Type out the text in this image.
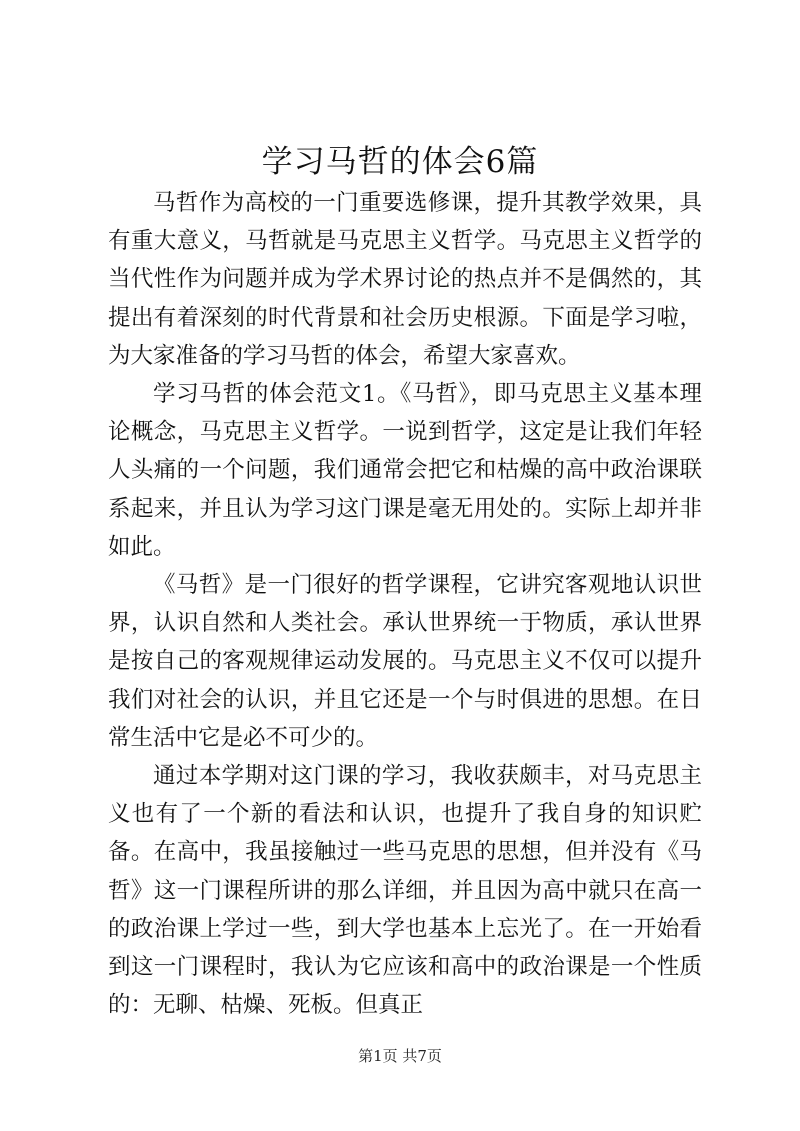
学习马哲的体会6篇

马哲作为高校的一门重要选修课，提升其教学效果，具有重大意义，马哲就是马克思主义哲学。马克思主义哲学的当代性作为问题并成为学术界讨论的热点并不是偶然的，其提出有着深刻的时代背景和社会历史根源。下面是学习啦，为大家准备的学习马哲的体会，希望大家喜欢。

学习马哲的体会范文1。《马哲》，即马克思主义基本理论概念，马克思主义哲学。一说到哲学，这定是让我们年轻人头痛的一个问题，我们通常会把它和枯燥的高中政治课联系起来，并且认为学习这门课是毫无用处的。实际上却并非如此。

《马哲》是一门很好的哲学课程，它讲究客观地认识世界，认识自然和人类社会。承认世界统一于物质，承认世界是按自己的客观规律运动发展的。马克思主义不仅可以提升我们对社会的认识，并且它还是一个与时俱进的思想。在日常生活中它是必不可少的。

通过本学期对这门课的学习，我收获颇丰，对马克思主义也有了一个新的看法和认识，也提升了我自身的知识贮备。在高中，我虽接触过一些马克思的思想，但并没有《马哲》这一门课程所讲的那么详细，并且因为高中就只在高一的政治课上学过一些，到大学也基本上忘光了。在一开始看到这一门课程时，我认为它应该和高中的政治课是一个性质的：无聊、枯燥、死板。但真正

第1页 共7页
